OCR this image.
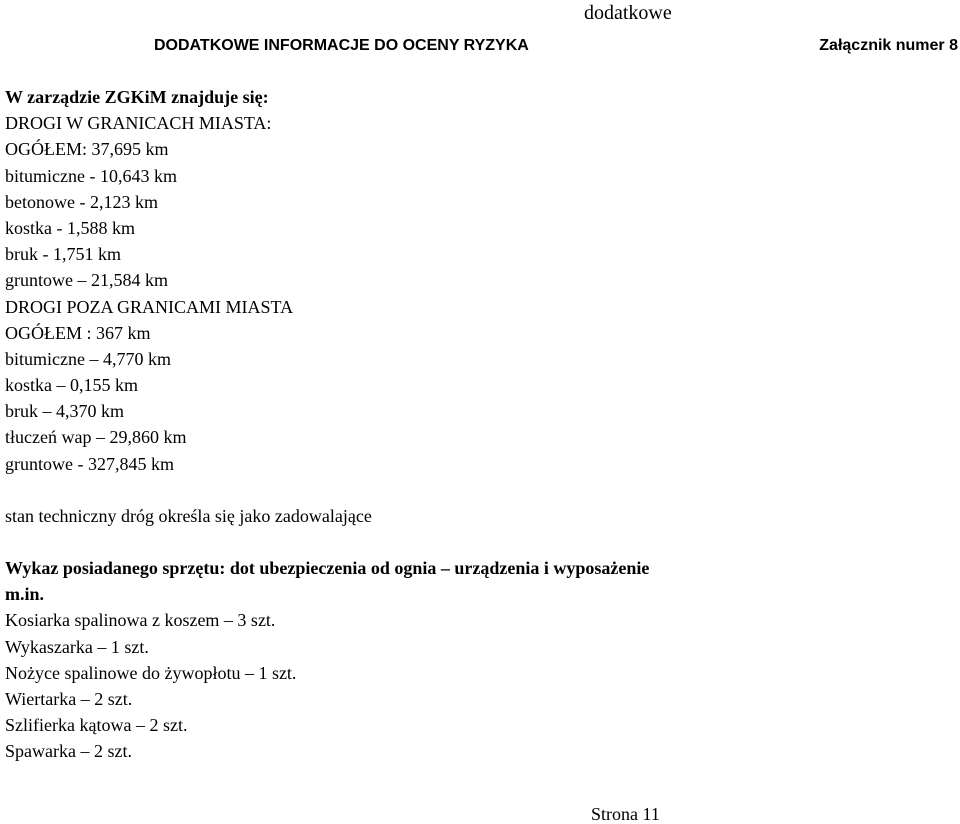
dodatkowe
DODATKOWE INFORMACJE DO OCENY RYZYKA	Załącznik numer 8
W zarządzie ZGKiM znajduje się:
DROGI W GRANICACH MIASTA:
OGÓŁEM: 37,695 km
bitumiczne - 10,643 km
betonowe - 2,123 km
kostka - 1,588 km
bruk - 1,751 km
gruntowe – 21,584 km
DROGI POZA GRANICAMI MIASTA
OGÓŁEM : 367 km
bitumiczne – 4,770 km
kostka – 0,155 km
bruk – 4,370 km
tłuczeń wap – 29,860 km
gruntowe - 327,845 km
stan techniczny dróg określa się jako zadowalające
Wykaz posiadanego sprzętu: dot ubezpieczenia od ognia – urządzenia i wyposażenie
m.in.
Kosiarka spalinowa z koszem – 3 szt.
Wykaszarka – 1 szt.
Nożyce spalinowe do żywopłotu – 1 szt.
Wiertarka – 2 szt.
Szlifierka kątowa – 2 szt.
Spawarka – 2 szt.
Strona 11
